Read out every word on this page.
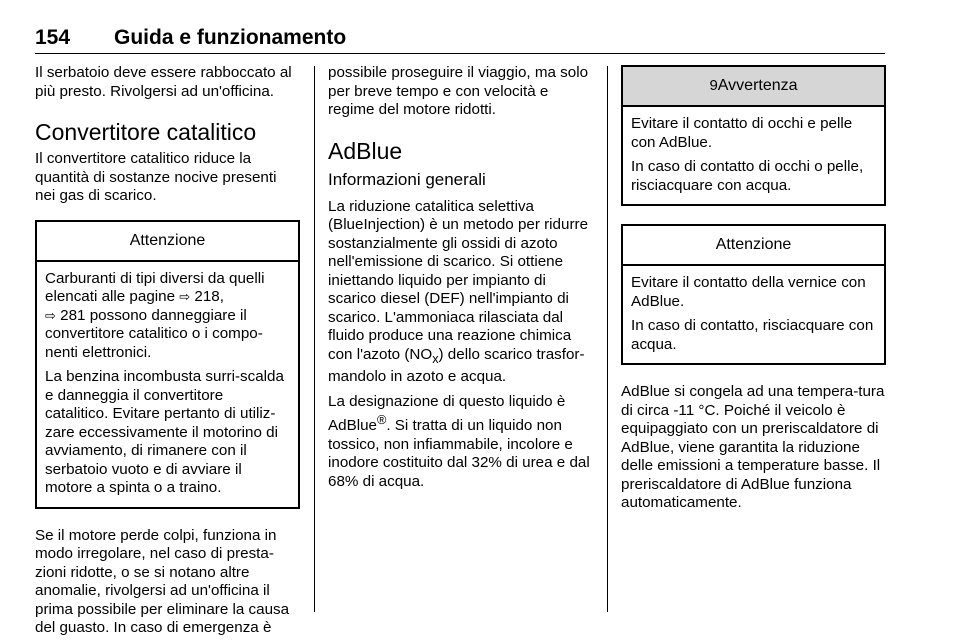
154 Guida e funzionamento

Il serbatoio deve essere rabboccato al più presto. Rivolgersi ad un'officina.

Convertitore catalitico

Il convertitore catalitico riduce la quantità di sostanze nocive presenti nei gas di scarico.

Attenzione

Carburanti di tipi diversi da quelli elencati alle pagine ⇨ 218,
⇨ 281 possono danneggiare il convertitore catalitico o i compo-nenti elettronici.

La benzina incombusta surri-scalda e danneggia il convertitore catalitico. Evitare pertanto di utiliz-zare eccessivamente il motorino di avviamento, di rimanere con il serbatoio vuoto e di avviare il motore a spinta o a traino.

Se il motore perde colpi, funziona in modo irregolare, nel caso di presta-zioni ridotte, o se si notano altre anomalie, rivolgersi ad un'officina il prima possibile per eliminare la causa del guasto. In caso di emergenza è

possibile proseguire il viaggio, ma solo per breve tempo e con velocità e regime del motore ridotti.

AdBlue
Informazioni generali

La riduzione catalitica selettiva (BlueInjection) è un metodo per ridurre sostanzialmente gli ossidi di azoto nell'emissione di scarico. Si ottiene iniettando liquido per impianto di scarico diesel (DEF) nell'impianto di scarico. L'ammoniaca rilasciata dal fluido produce una reazione chimica con l'azoto $(NO_x)$ dello scarico trasfor-mandolo in azoto e acqua.

La designazione di questo liquido è AdBlue®. Si tratta di un liquido non tossico, non infiammabile, incolore e inodore costituito dal 32% di urea e dal 68% di acqua.

9Avvertenza

Evitare il contatto di occhi e pelle con AdBlue.

In caso di contatto di occhi o pelle, risciacquare con acqua.

Attenzione

Evitare il contatto della vernice con AdBlue.

In caso di contatto, risciacquare con acqua.

AdBlue si congela ad una tempera-tura di circa -11 °C. Poiché il veicolo è equipaggiato con un preriscaldatore di AdBlue, viene garantita la riduzione delle emissioni a temperature basse. Il preriscaldatore di AdBlue funziona automaticamente.
